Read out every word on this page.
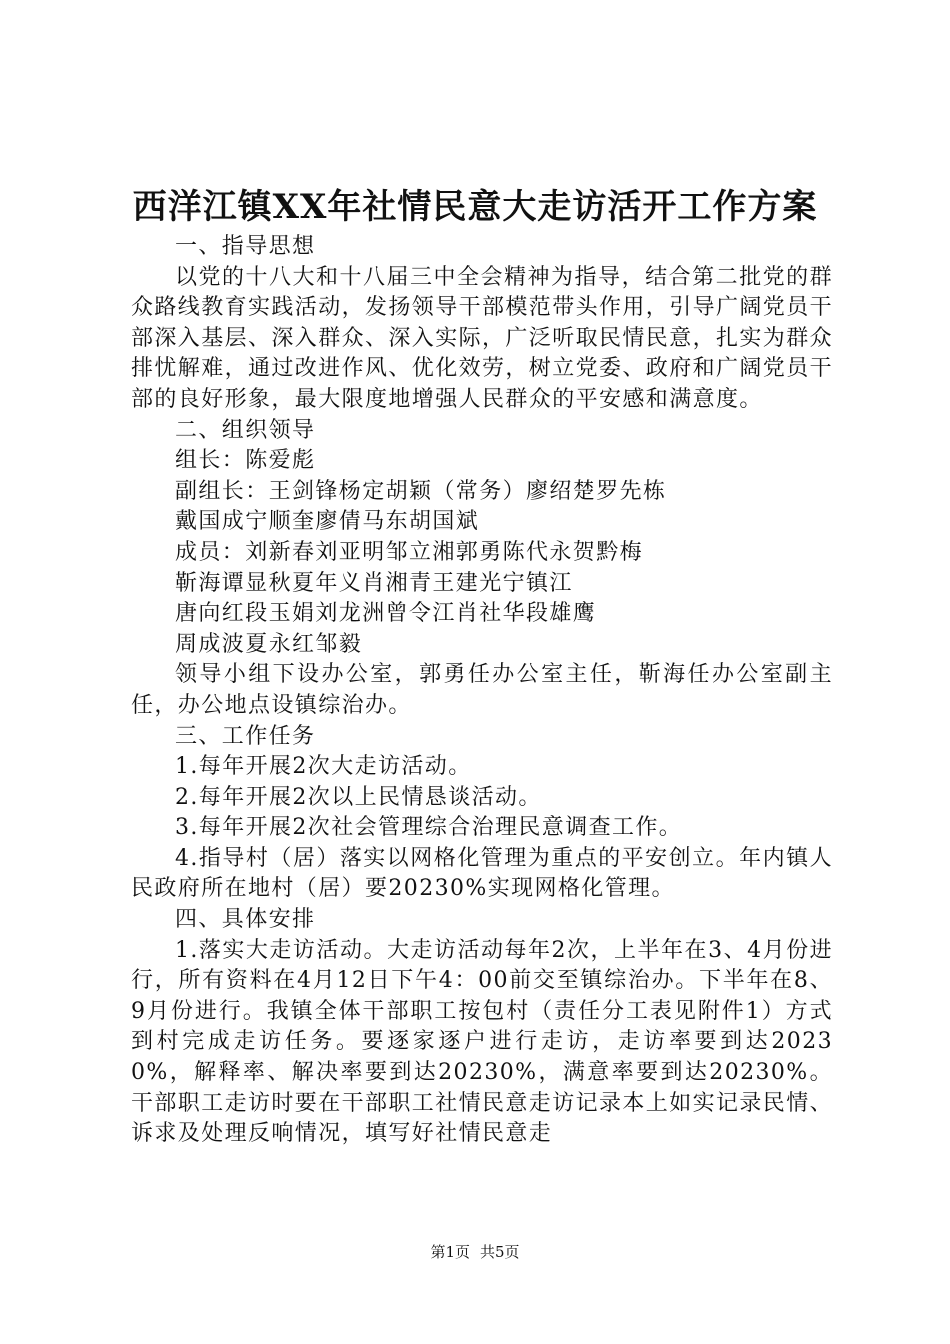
西洋江镇XX年社情民意大走访活开工作方案

一、指导思想

以党的十八大和十八届三中全会精神为指导，结合第二批党的群众路线教育实践活动，发扬领导干部模范带头作用，引导广阔党员干部深入基层、深入群众、深入实际，广泛听取民情民意，扎实为群众排忧解难，通过改进作风、优化效劳，树立党委、政府和广阔党员干部的良好形象，最大限度地增强人民群众的平安感和满意度。

二、组织领导

组长：陈爱彪

副组长：王剑锋杨定胡颖（常务）廖绍楚罗先栋

戴国成宁顺奎廖倩马东胡国斌

成员：刘新春刘亚明邹立湘郭勇陈代永贺黔梅

靳海谭显秋夏年义肖湘青王建光宁镇江

唐向红段玉娟刘龙洲曾令江肖社华段雄鹰

周成波夏永红邹毅

领导小组下设办公室，郭勇任办公室主任，靳海任办公室副主任，办公地点设镇综治办。

三、工作任务

1.每年开展2次大走访活动。

2.每年开展2次以上民情恳谈活动。

3.每年开展2次社会管理综合治理民意调查工作。

4.指导村（居）落实以网格化管理为重点的平安创立。年内镇人民政府所在地村（居）要20230%实现网格化管理。

四、具体安排

1.落实大走访活动。大走访活动每年2次，上半年在3、4月份进行，所有资料在4月12日下午4：00前交至镇综治办。下半年在8、9月份进行。我镇全体干部职工按包村（责任分工表见附件1）方式到村完成走访任务。要逐家逐户进行走访，走访率要到达20230%，解释率、解决率要到达20230%，满意率要到达20230%。干部职工走访时要在干部职工社情民意走访记录本上如实记录民情、诉求及处理反响情况，填写好社情民意走

第1页 共5页
